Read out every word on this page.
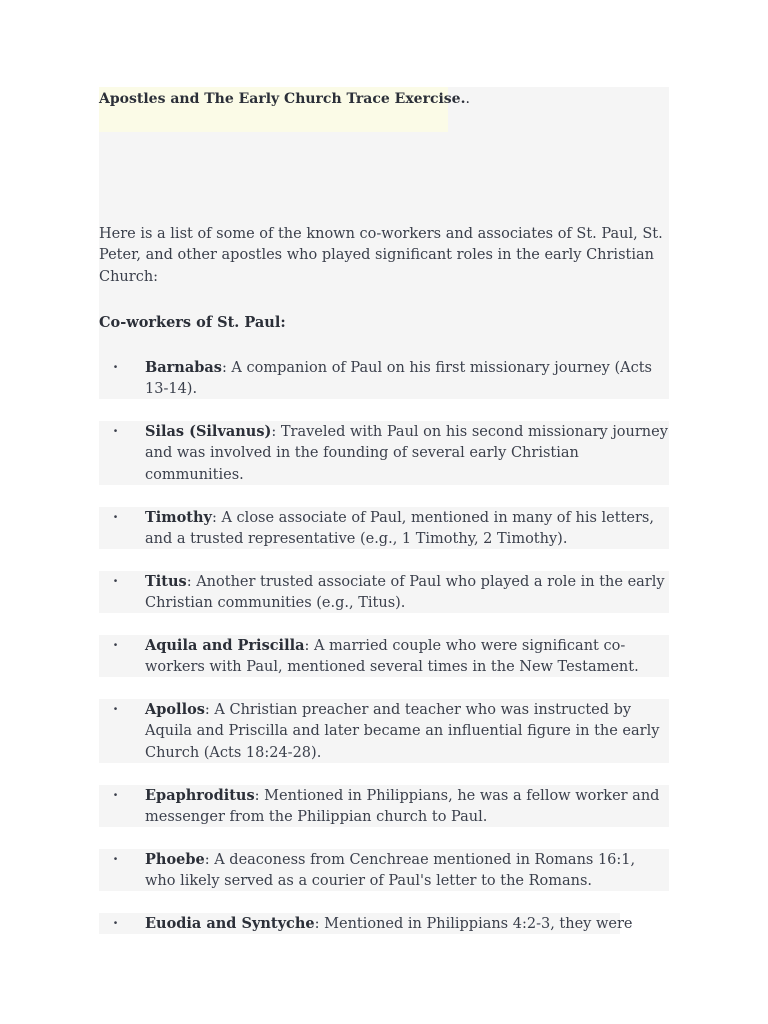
Apostles and The Early Church Trace Exercise..

Here is a list of some of the known co-workers and associates of St. Paul, St. Peter, and other apostles who played significant roles in the early Christian Church:

Co-workers of St. Paul:
· Barnabas: A companion of Paul on his first missionary journey (Acts 13-14).

· Silas (Silvanus): Traveled with Paul on his second missionary journey and was involved in the founding of several early Christian communities.

· Timothy: A close associate of Paul, mentioned in many of his letters, and a trusted representative (e.g., 1 Timothy, 2 Timothy).

· Titus: Another trusted associate of Paul who played a role in the early Christian communities (e.g., Titus).

· Aquila and Priscilla: A married couple who were significant co-workers with Paul, mentioned several times in the New Testament.

· Apollos: A Christian preacher and teacher who was instructed by Aquila and Priscilla and later became an influential figure in the early Church (Acts 18:24-28).

· Epaphroditus: Mentioned in Philippians, he was a fellow worker and messenger from the Philippian church to Paul.

· Phoebe: A deaconess from Cenchreae mentioned in Romans 16:1, who likely served as a courier of Paul's letter to the Romans.

· Euodia and Syntyche: Mentioned in Philippians 4:2-3, they were
